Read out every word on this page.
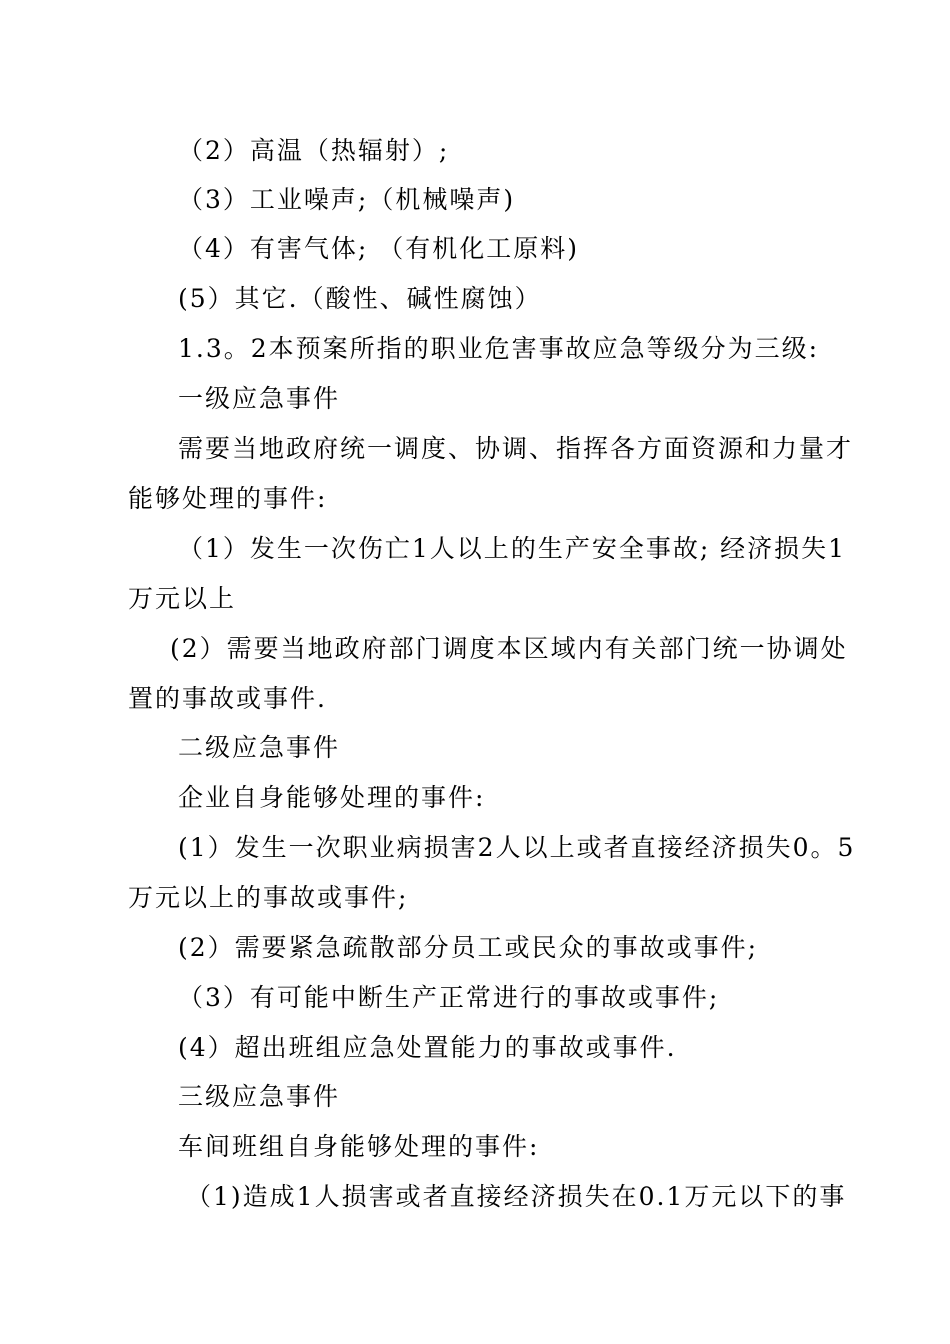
（2）高温（热辐射）;
（3）工业噪声;（机械噪声)
（4）有害气体; （有机化工原料)
(5）其它.（酸性、碱性腐蚀）
1.3。2本预案所指的职业危害事故应急等级分为三级:
一级应急事件
需要当地政府统一调度、协调、指挥各方面资源和力量才
能够处理的事件:
（1）发生一次伤亡1人以上的生产安全事故; 经济损失1
万元以上
(2）需要当地政府部门调度本区域内有关部门统一协调处
置的事故或事件.
二级应急事件
企业自身能够处理的事件:
(1）发生一次职业病损害2人以上或者直接经济损失0。5
万元以上的事故或事件;
(2）需要紧急疏散部分员工或民众的事故或事件;
（3）有可能中断生产正常进行的事故或事件;
(4）超出班组应急处置能力的事故或事件.
三级应急事件
车间班组自身能够处理的事件:
（1)造成1人损害或者直接经济损失在0.1万元以下的事
